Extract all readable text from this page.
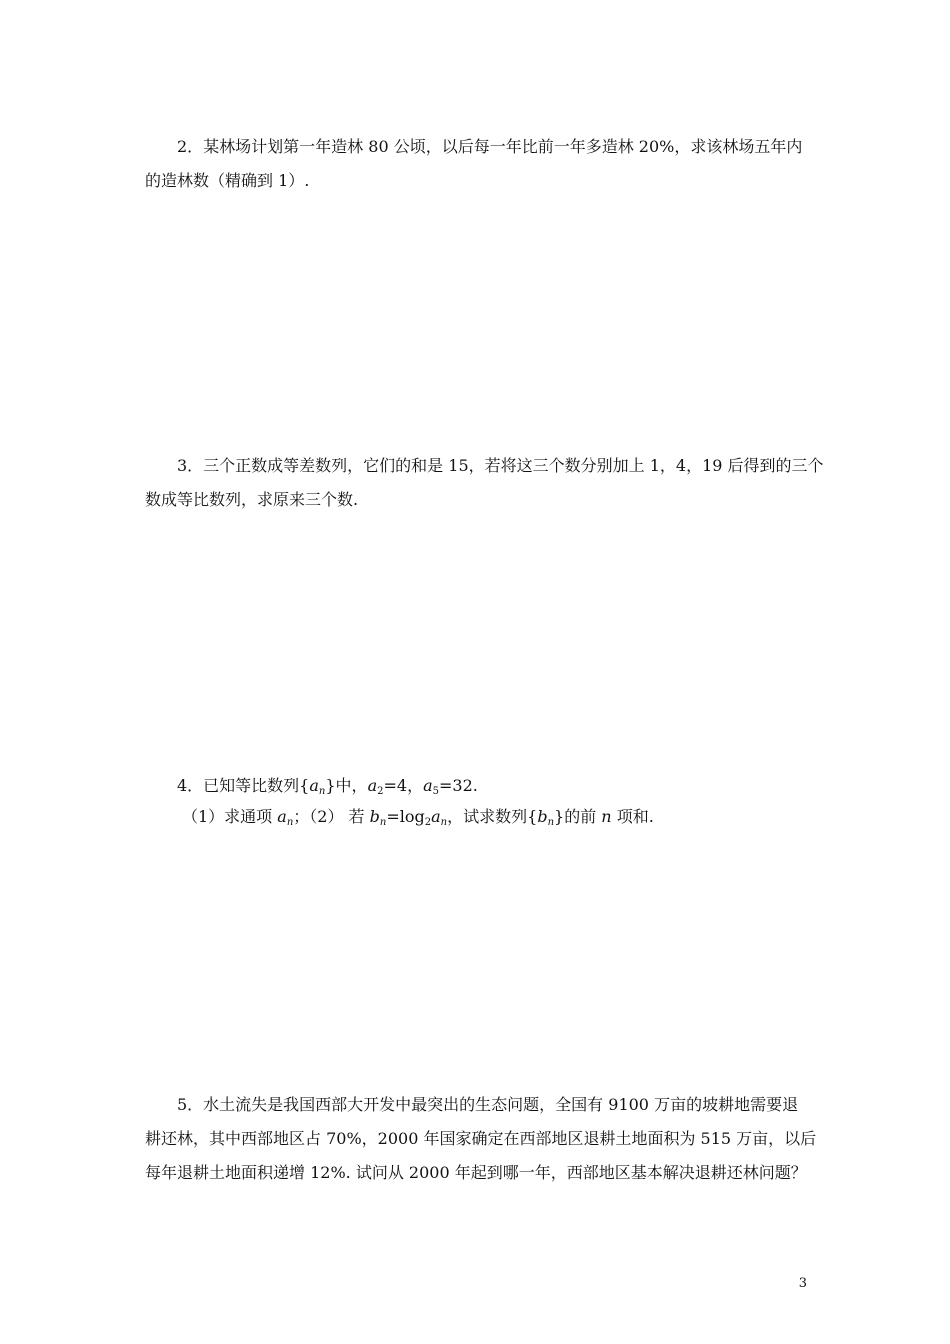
2．某林场计划第一年造林 80 公顷，以后每一年比前一年多造林 20%，求该林场五年内
的造林数（精确到 1）.
3．三个正数成等差数列，它们的和是 15，若将这三个数分别加上 1，4，19 后得到的三个
数成等比数列，求原来三个数.
4．已知等比数列$\{a_n\}$中，$a_2=4$，$a_5=32$.
（1）求通项 $a_n$；（2） 若 $b_n=\log_2a_n$，试求数列$\{b_n\}$的前 n 项和.
5．水土流失是我国西部大开发中最突出的生态问题，全国有 9100 万亩的坡耕地需要退
耕还林，其中西部地区占 70%，2000 年国家确定在西部地区退耕土地面积为 515 万亩，以后
每年退耕土地面积递增 12%. 试问从 2000 年起到哪一年，西部地区基本解决退耕还林问题？
3
